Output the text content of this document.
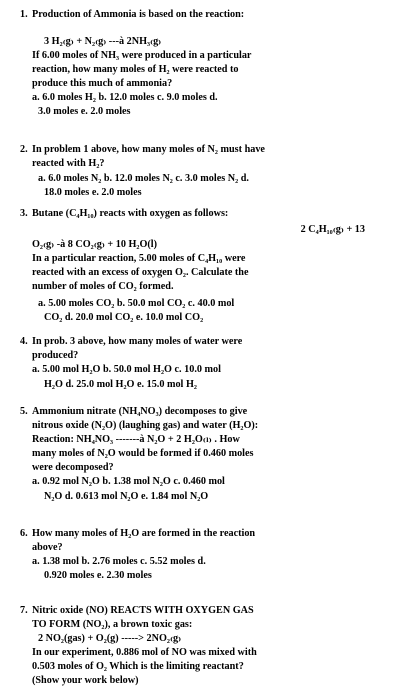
1. Production of Ammonia is based on the reaction:
3 H₂₍g₎ + N₂₍g₎ ---à 2NH₃₍g₎
If 6.00 moles of NH₃ were produced in a particular
reaction, how many moles of H₂ were reacted to
produce this much of ammonia?
a. 6.0 moles H₂ b. 12.0 moles c. 9.0 moles d.
3.0 moles e. 2.0 moles
2. In problem 1 above, how many moles of N₂ must have
reacted with H₂?
a. 6.0 moles N₂ b. 12.0 moles N₂ c. 3.0 moles N₂ d.
18.0 moles e. 2.0 moles
3. Butane (C₄H₁₀) reacts with oxygen as follows:
2 C₄H₁₀₍g₎ + 13
O₂₍g₎ -à 8 CO₂₍g₎ + 10 H₂O(l)
In a particular reaction, 5.00 moles of C₄H₁₀ were
reacted with an excess of oxygen O₂. Calculate the
number of moles of CO₂ formed.
a. 5.00 moles CO₂ b. 50.0 mol CO₂ c. 40.0 mol
CO₂ d. 20.0 mol CO₂ e. 10.0 mol CO₂
4. In prob. 3 above, how many moles of water were
produced?
a. 5.00 mol H₂O b. 50.0 mol H₂O c. 10.0 mol
H₂O d. 25.0 mol H₂O e. 15.0 mol H₂
5. Ammonium nitrate (NH₄NO₃) decomposes to give
nitrous oxide (N₂O) (laughing gas) and water (H₂O):
Reaction: NH₄NO₃ -------à N₂O + 2 H₂O₍ₗ₎ . How
many moles of N₂O would be formed if 0.460 moles
were decomposed?
a. 0.92 mol N₂O b. 1.38 mol N₂O c. 0.460 mol
N₂O d. 0.613 mol N₂O e. 1.84 mol N₂O
6. How many moles of H₂O are formed in the reaction
above?
a. 1.38 mol b. 2.76 moles c. 5.52 moles d.
0.920 moles e. 2.30 moles
7. Nitric oxide (NO) REACTS WITH OXYGEN GAS
TO FORM (NO₂), a brown toxic gas:
2 NO₂(gas) + O₂(g) -----> 2NO₂₍g₎
In our experiment, 0.886 mol of NO was mixed with
0.503 moles of O₂ Which is the limiting reactant?
(Show your work below)
